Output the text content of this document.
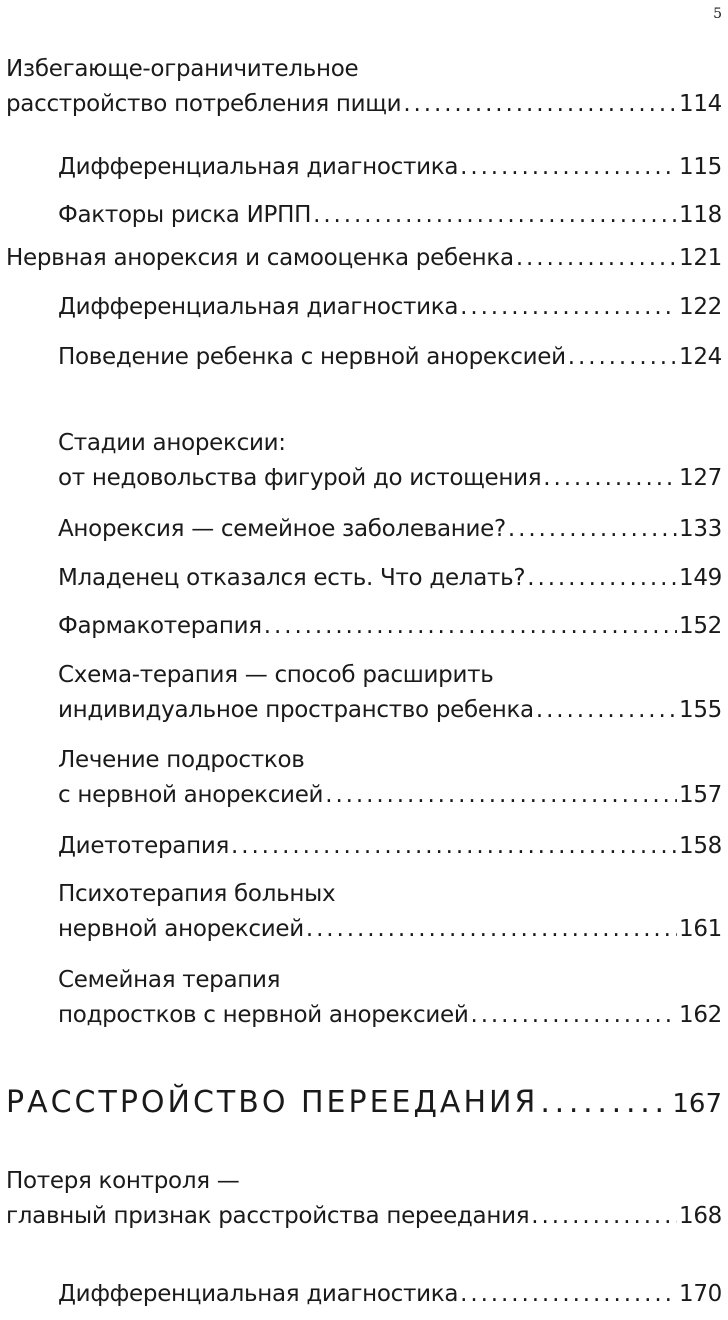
5
Избегающе-ограничительное
расстройство потребления пищи . . .	114
Дифференциальная диагностика . . .	115
Факторы риска ИРПП . . .	118
Нервная анорексия и самооценка ребенка . . .	121
Дифференциальная диагностика . . .	122
Поведение ребенка с нервной анорексией . . .	124
Стадии анорексии:
от недовольства фигурой до истощения . . .	127
Анорексия — семейное заболевание? . . .	133
Младенец отказался есть. Что делать? . . .	149
Фармакотерапия . . .	152
Схема-терапия — способ расширить
индивидуальное пространство ребенка . . .	155
Лечение подростков
с нервной анорексией . . .	157
Диетотерапия . . .	158
Психотерапия больных
нервной анорексией . . .	161
Семейная терапия
подростков с нервной анорексией . . .	162
РАССТРОЙСТВО ПЕРЕЕДАНИЯ . . .	167
Потеря контроля —
главный признак расстройства переедания . . .	168
Дифференциальная диагностика . . .	170
